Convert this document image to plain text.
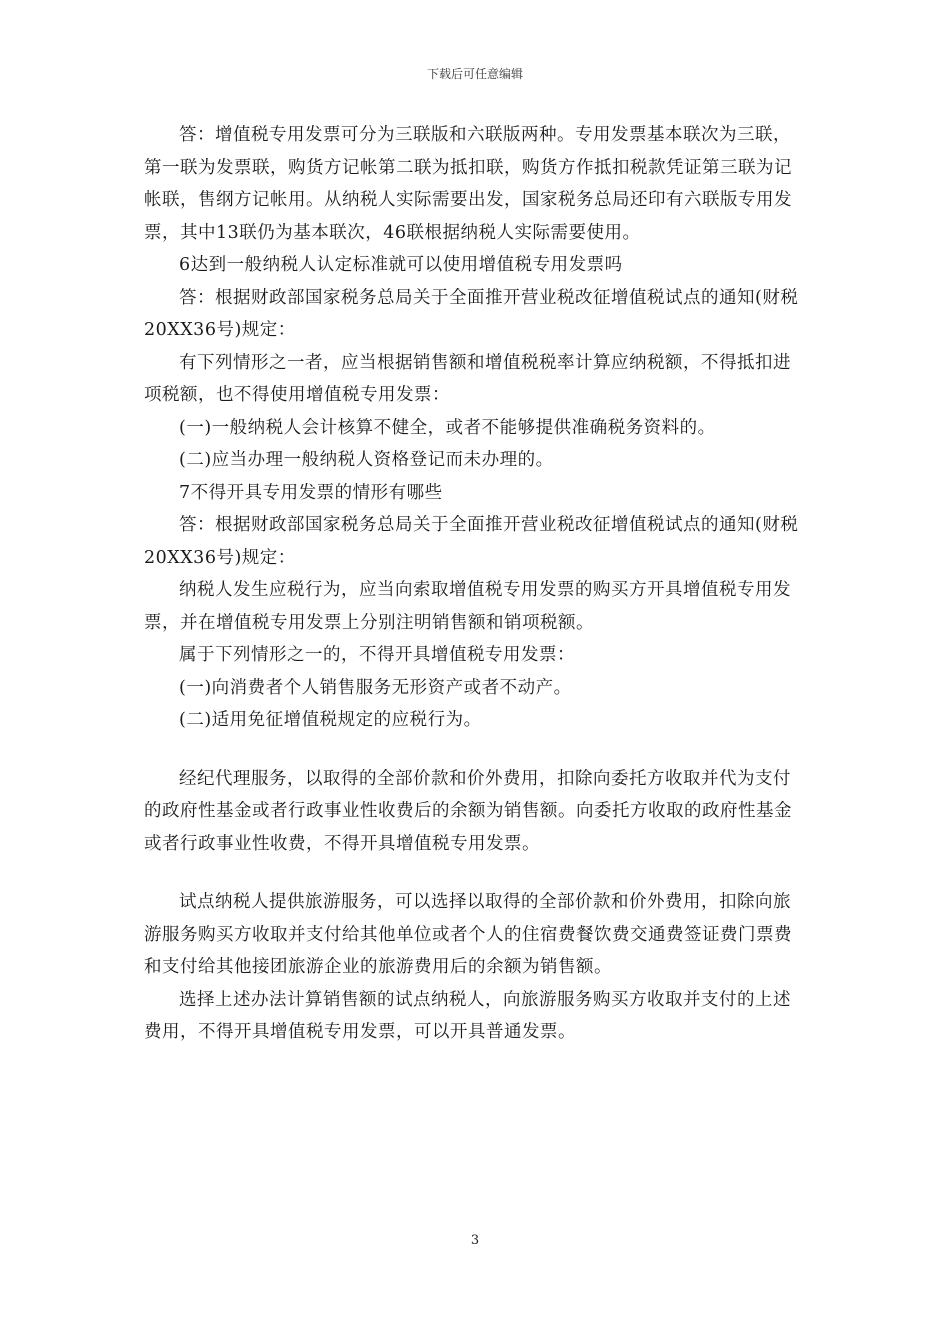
下载后可任意编辑

答：增值税专用发票可分为三联版和六联版两种。专用发票基本联次为三联，第一联为发票联，购货方记帐第二联为抵扣联，购货方作抵扣税款凭证第三联为记帐联，售纲方记帐用。从纳税人实际需要出发，国家税务总局还印有六联版专用发票，其中13联仍为基本联次，46联根据纳税人实际需要使用。

6达到一般纳税人认定标准就可以使用增值税专用发票吗

答：根据财政部国家税务总局关于全面推开营业税改征增值税试点的通知(财税20XX36号)规定：

有下列情形之一者，应当根据销售额和增值税税率计算应纳税额，不得抵扣进项税额，也不得使用增值税专用发票：

(一)一般纳税人会计核算不健全，或者不能够提供准确税务资料的。

(二)应当办理一般纳税人资格登记而未办理的。

7不得开具专用发票的情形有哪些

答：根据财政部国家税务总局关于全面推开营业税改征增值税试点的通知(财税20XX36号)规定：

纳税人发生应税行为，应当向索取增值税专用发票的购买方开具增值税专用发票，并在增值税专用发票上分别注明销售额和销项税额。

属于下列情形之一的，不得开具增值税专用发票：

(一)向消费者个人销售服务无形资产或者不动产。

(二)适用免征增值税规定的应税行为。

经纪代理服务，以取得的全部价款和价外费用，扣除向委托方收取并代为支付的政府性基金或者行政事业性收费后的余额为销售额。向委托方收取的政府性基金或者行政事业性收费，不得开具增值税专用发票。

试点纳税人提供旅游服务，可以选择以取得的全部价款和价外费用，扣除向旅游服务购买方收取并支付给其他单位或者个人的住宿费餐饮费交通费签证费门票费和支付给其他接团旅游企业的旅游费用后的余额为销售额。

选择上述办法计算销售额的试点纳税人，向旅游服务购买方收取并支付的上述费用，不得开具增值税专用发票，可以开具普通发票。

3
